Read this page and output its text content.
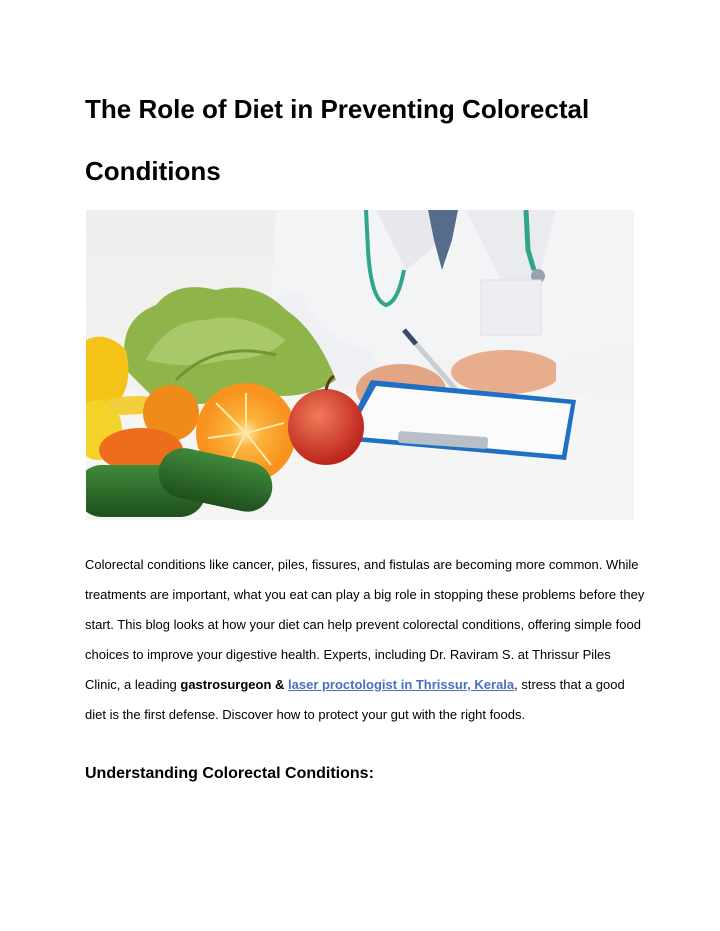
The Role of Diet in Preventing Colorectal Conditions

Colorectal conditions like cancer, piles, fissures, and fistulas are becoming more common. While treatments are important, what you eat can play a big role in stopping these problems before they start. This blog looks at how your diet can help prevent colorectal conditions, offering simple food choices to improve your digestive health. Experts, including Dr. Raviram S. at Thrissur Piles Clinic, a leading gastrosurgeon & laser proctologist in Thrissur, Kerala, stress that a good diet is the first defense. Discover how to protect your gut with the right foods.

Understanding Colorectal Conditions:
